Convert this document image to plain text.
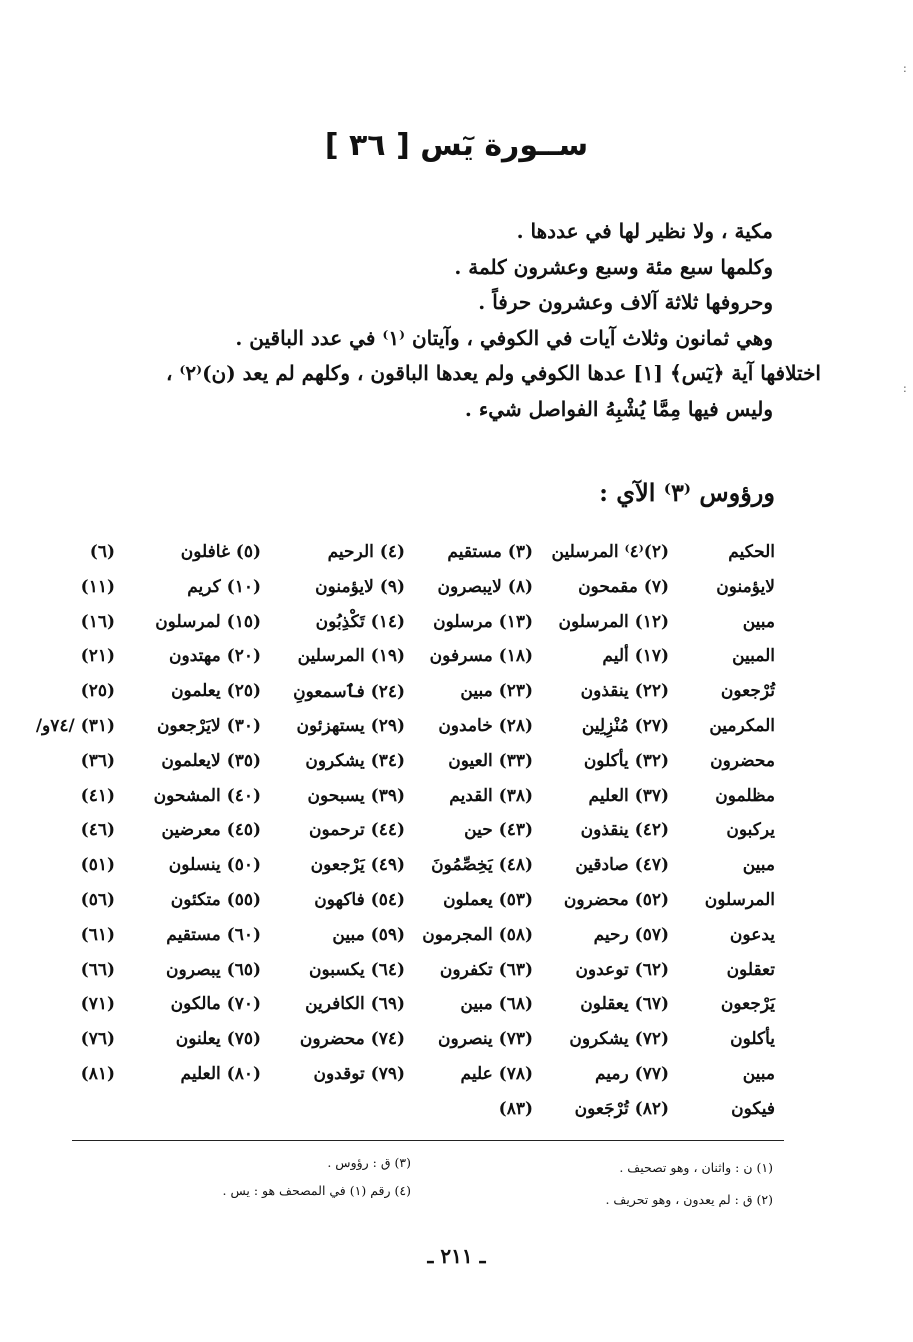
ســورة يٓس [ ٣٦ ]

مكية ، ولا نظير لها في عددها .

وكلمها سبع مئة وسبع وعشرون كلمة .

وحروفها ثلاثة آلاف وعشرون حرفاً .

وهي ثمانون وثلاث آيات في الكوفي ، وآيتان ⁽١⁾ في عدد الباقين .

اختلافها آية ﴿يٓس﴾ [١] عدها الكوفي ولم يعدها الباقون ، وكلهم لم يعد (ن)⁽٢⁾ ،

وليس فيها مِمَّا يُشْبِهُ الفواصل شيء .

ورؤوس ⁽٣⁾ الآي :
الحكيم
(٢)⁽٤⁾ المرسلين
(٣) مستقيم
(٤) الرحيم
(٥) غافلون
(٦)
لايؤمنون
(٧) مقمحون
(٨) لايبصرون
(٩) لايؤمنون
(١٠) كريم
(١١)
مبين
(١٢) المرسلون
(١٣) مرسلون
(١٤) تَكْذِبُون
(١٥) لمرسلون
(١٦)
المبين
(١٧) أليم
(١٨) مسرفون
(١٩) المرسلين
(٢٠) مهتدون
(٢١)
تُرْجعون
(٢٢) ينقذون
(٢٣) مبين
(٢٤) فٱسمعونِ
(٢٥) يعلمون
(٢٥)
المكرمين
(٢٧) مُنْزِلِين
(٢٨) خامدون
(٢٩) يستهزئون
(٣٠) لايَرْجعون
(٣١) /٧٤و/
محضرون
(٣٢) يأكلون
(٣٣) العيون
(٣٤) يشكرون
(٣٥) لايعلمون
(٣٦)
مظلمون
(٣٧) العليم
(٣٨) القديم
(٣٩) يسبحون
(٤٠) المشحون
(٤١)
يركبون
(٤٢) ينقذون
(٤٣) حين
(٤٤) ترحمون
(٤٥) معرضين
(٤٦)
مبين
(٤٧) صادقين
(٤٨) يَخِصِّمُونَ
(٤٩) يَرْجعون
(٥٠) ينسلون
(٥١)
المرسلون
(٥٢) محضرون
(٥٣) يعملون
(٥٤) فاكهون
(٥٥) متكئون
(٥٦)
يدعون
(٥٧) رحيم
(٥٨) المجرمون
(٥٩) مبين
(٦٠) مستقيم
(٦١)
تعقلون
(٦٢) توعدون
(٦٣) تكفرون
(٦٤) يكسبون
(٦٥) يبصرون
(٦٦)
يَرْجعون
(٦٧) يعقلون
(٦٨) مبين
(٦٩) الكافرين
(٧٠) مالكون
(٧١)
يأكلون
(٧٢) يشكرون
(٧٣) ينصرون
(٧٤) محضرون
(٧٥) يعلنون
(٧٦)
مبين
(٧٧) رميم
(٧٨) عليم
(٧٩) توقدون
(٨٠) العليم
(٨١)
فيكون
(٨٢) تُرْجَعون
(٨٣)
(١) ن : واثنان ، وهو تصحيف .
(٢) ق : لم يعدون ، وهو تحريف .
(٣) ق : رؤوس .
(٤) رقم (١) في المصحف هو : يس .
ـ ٢١١ ـ
:
:
